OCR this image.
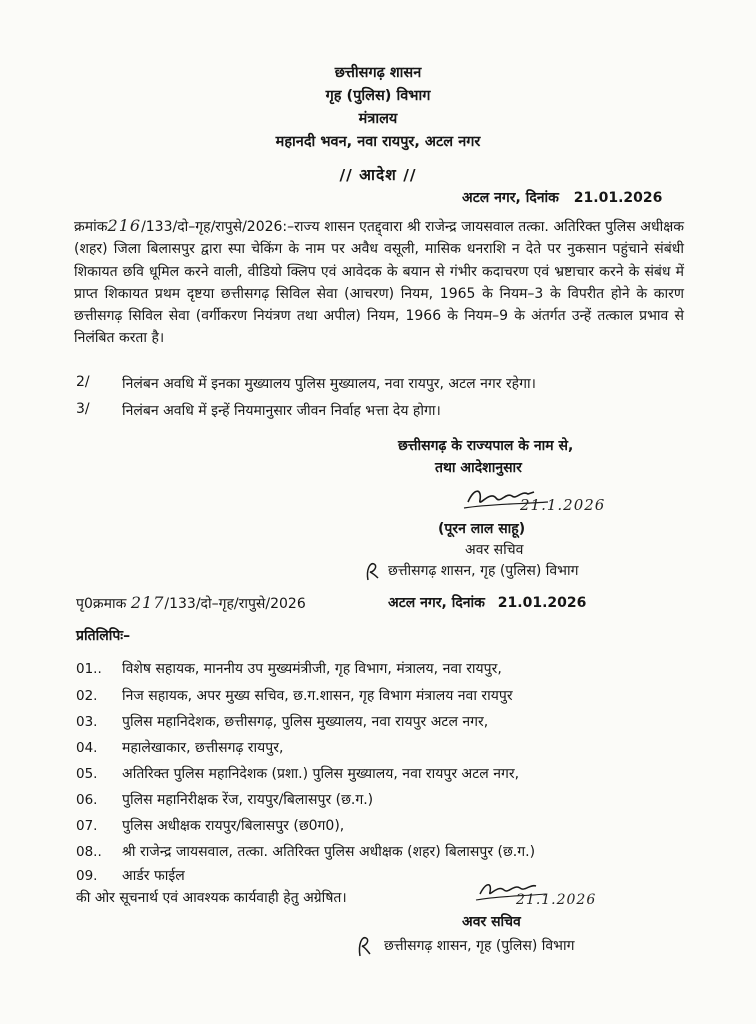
छत्तीसगढ़ शासन
गृह (पुलिस) विभाग
मंत्रालय
महानदी भवन, नवा रायपुर, अटल नगर
// आदेश //
अटल नगर, दिनांक 21.01.2026
क्रमांक216/133/दो–गृह/रापुसे/2026:–राज्य शासन एतद्द्वारा श्री राजेन्द्र जायसवाल तत्का. अतिरिक्त पुलिस अधीक्षक (शहर) जिला बिलासपुर द्वारा स्पा चेकिंग के नाम पर अवैध वसूली, मासिक धनराशि न देते पर नुकसान पहुंचाने संबंधी शिकायत छवि धूमिल करने वाली, वीडियो क्लिप एवं आवेदक के बयान से गंभीर कदाचरण एवं भ्रष्टाचार करने के संबंध में प्राप्त शिकायत प्रथम दृष्टया छत्तीसगढ़ सिविल सेवा (आचरण) नियम, 1965 के नियम–3 के विपरीत होने के कारण छत्तीसगढ़ सिविल सेवा (वर्गीकरण नियंत्रण तथा अपील) नियम, 1966 के नियम–9 के अंतर्गत उन्हें तत्काल प्रभाव से निलंबित करता है।
2/ निलंबन अवधि में इनका मुख्यालय पुलिस मुख्यालय, नवा रायपुर, अटल नगर रहेगा।
3/ निलंबन अवधि में इन्हें नियमानुसार जीवन निर्वाह भत्ता देय होगा।
छत्तीसगढ़ के राज्यपाल के नाम से,
तथा आदेशानुसार
21.1.2026
(पूरन लाल साहू)
अवर सचिव
छत्तीसगढ़ शासन, गृह (पुलिस) विभाग
पृ0क्रमाक 217/133/दो–गृह/रापुसे/2026	अटल नगर, दिनांक 21.01.2026
प्रतिलिपिः–
01.. विशेष सहायक, माननीय उप मुख्यमंत्रीजी, गृह विभाग, मंत्रालय, नवा रायपुर,
02. निज सहायक, अपर मुख्य सचिव, छ.ग.शासन, गृह विभाग मंत्रालय नवा रायपुर
03. पुलिस महानिदेशक, छत्तीसगढ़, पुलिस मुख्यालय, नवा रायपुर अटल नगर,
04. महालेखाकार, छत्तीसगढ़ रायपुर,
05. अतिरिक्त पुलिस महानिदेशक (प्रशा.) पुलिस मुख्यालय, नवा रायपुर अटल नगर,
06. पुलिस महानिरीक्षक रेंज, रायपुर/बिलासपुर (छ.ग.)
07. पुलिस अधीक्षक रायपुर/बिलासपुर (छ0ग0),
08.. श्री राजेन्द्र जायसवाल, तत्का. अतिरिक्त पुलिस अधीक्षक (शहर) बिलासपुर (छ.ग.)
09. आर्डर फाईल
की ओर सूचनार्थ एवं आवश्यक कार्यवाही हेतु अग्रेषित।	21.1.2026
अवर सचिव
छत्तीसगढ़ शासन, गृह (पुलिस) विभाग
